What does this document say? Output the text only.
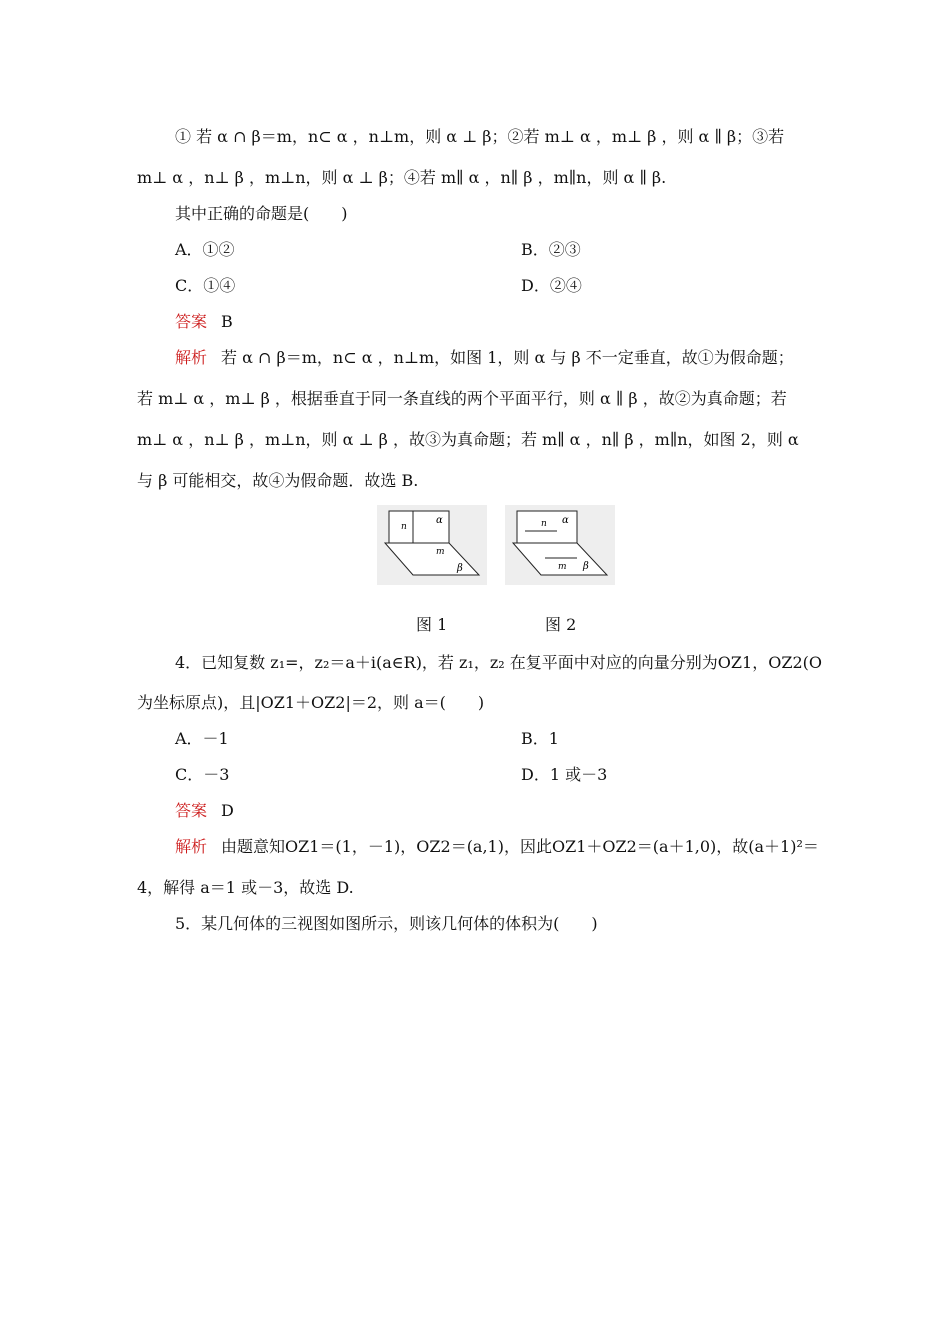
① 若 α ∩ β＝m，n⊂ α ，n⊥m，则 α ⊥ β；②若 m⊥ α ，m⊥ β ，则 α ∥ β；③若
m⊥ α ，n⊥ β ，m⊥n，则 α ⊥ β；④若 m∥ α ，n∥ β ，m∥n，则 α ∥ β.
其中正确的命题是(　　)
A．①②	B．②③
C．①④	D．②④
答案 B
解析 若 α ∩ β＝m，n⊂ α ，n⊥m，如图 1，则 α 与 β 不一定垂直，故①为假命题；
若 m⊥ α ，m⊥ β ，根据垂直于同一条直线的两个平面平行，则 α ∥ β ，故②为真命题；若
m⊥ α ，n⊥ β ，m⊥n，则 α ⊥ β ，故③为真命题；若 m∥ α ，n∥ β ，m∥n，如图 2，则 α
与 β 可能相交，故④为假命题．故选 B.
n
α
m
β
n α
m β
图 1	图 2
4．已知复数 z₁=，z₂＝a＋i(a∈R)，若 z₁，z₂ 在复平面中对应的向量分别为OZ1，OZ2(O
为坐标原点)，且|OZ1＋OZ2|＝2，则 a＝(　　)
A．－1	B．1
C．－3	D．1 或－3
答案 D
解析 由题意知OZ1＝(1，－1)，OZ2＝(a,1)，因此OZ1＋OZ2＝(a＋1,0)，故(a＋1)²＝
4，解得 a＝1 或－3，故选 D.
5．某几何体的三视图如图所示，则该几何体的体积为(　　)
